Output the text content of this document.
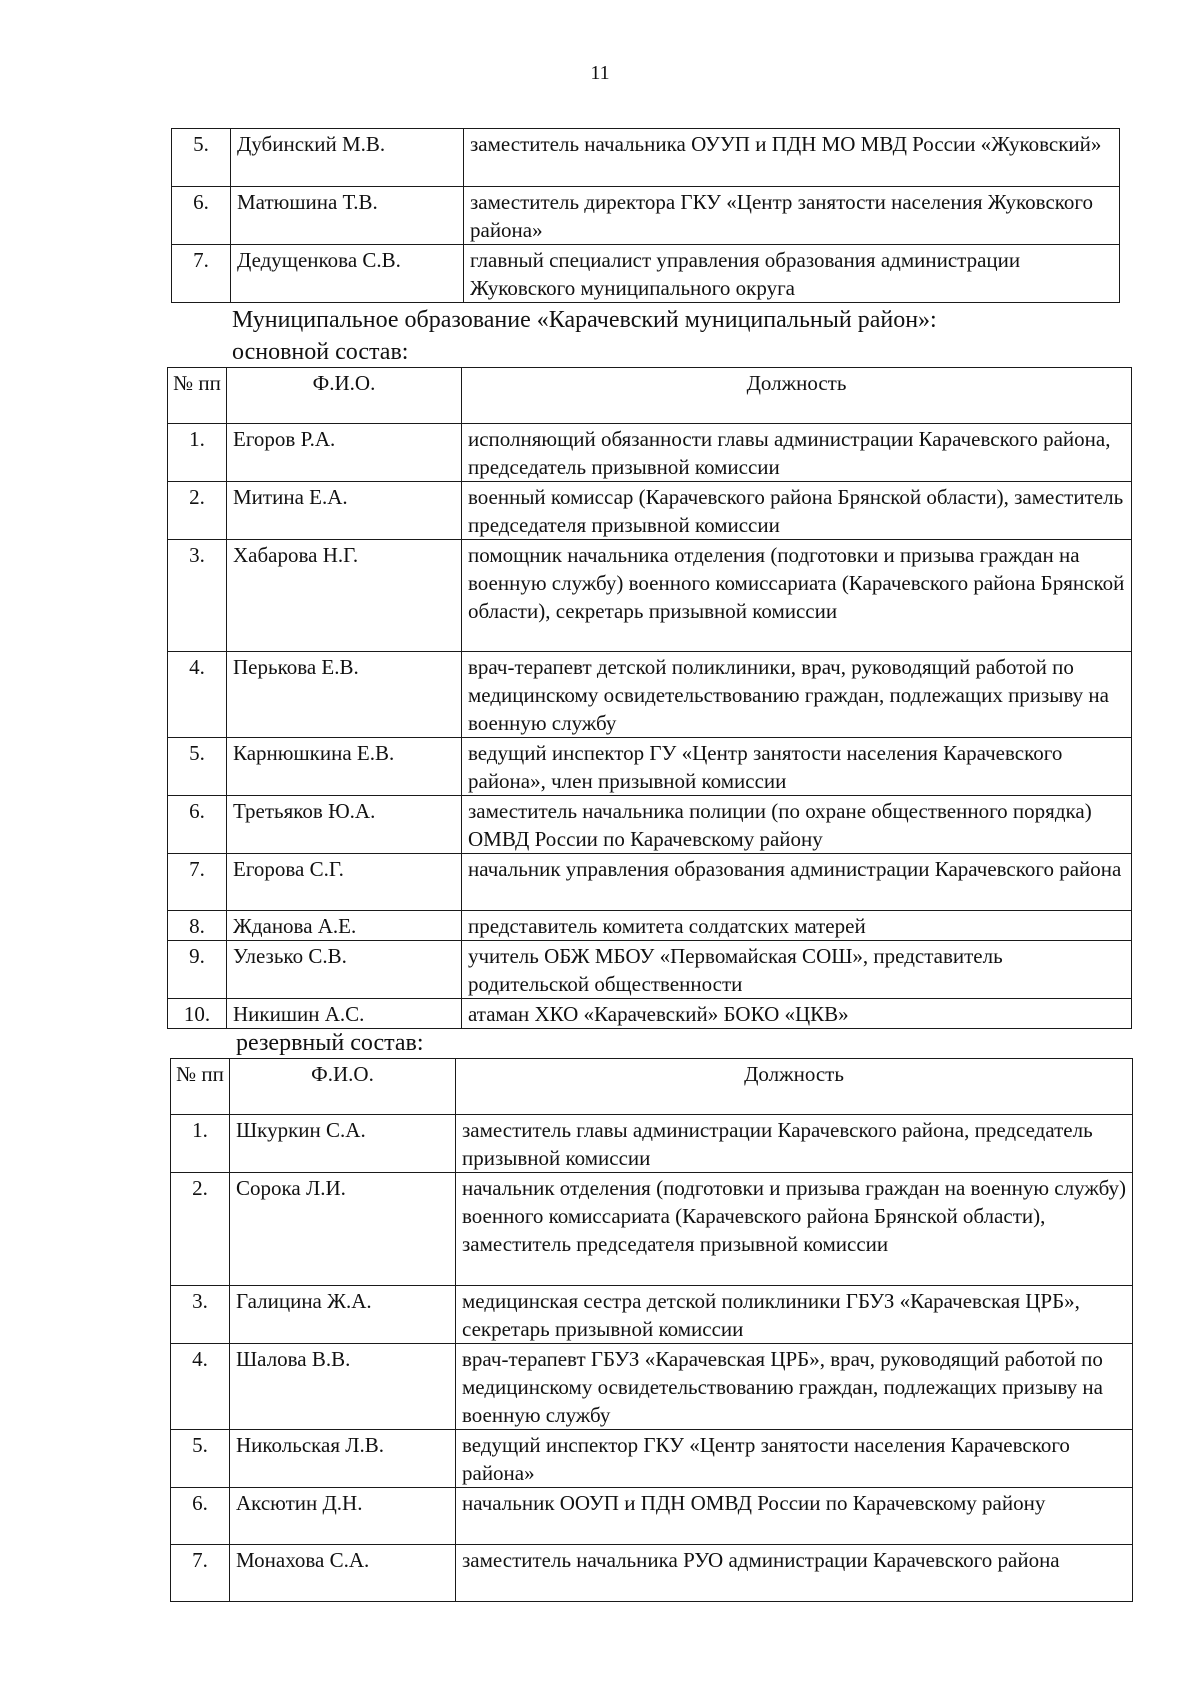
11
5.	Дубинский М.В.	заместитель начальника ОУУП и ПДН МО МВД России «Жуковский»
6.	Матюшина Т.В.	заместитель директора ГКУ «Центр занятости населения Жуковского района»
7.	Дедущенкова С.В.	главный специалист управления образования администрации Жуковского муниципального округа
Муниципальное образование «Карачевский муниципальный район»:
основной состав:
№ пп	Ф.И.О.	Должность
1.	Егоров Р.А.	исполняющий обязанности главы администрации Карачевского района, председатель призывной комиссии
2.	Митина Е.А.	военный комиссар (Карачевского района Брянской области), заместитель председателя призывной комиссии
3.	Хабарова Н.Г.	помощник начальника отделения (подготовки и призыва граждан на военную службу) военного комиссариата (Карачевского района Брянской области), секретарь призывной комиссии
4.	Перькова Е.В.	врач-терапевт детской поликлиники, врач, руководящий работой по медицинскому освидетельствованию граждан, подлежащих призыву на военную службу
5.	Карнюшкина Е.В.	ведущий инспектор ГУ «Центр занятости населения Карачевского района», член призывной комиссии
6.	Третьяков Ю.А.	заместитель начальника полиции (по охране общественного порядка) ОМВД России по Карачевскому району
7.	Егорова С.Г.	начальник управления образования администрации Карачевского района
8.	Жданова А.Е.	представитель комитета солдатских матерей
9.	Улезько С.В.	учитель ОБЖ МБОУ «Первомайская СОШ», представитель родительской общественности
10.	Никишин А.С.	атаман ХКО «Карачевский» БОКО «ЦКВ»
резервный состав:
№ пп	Ф.И.О.	Должность
1.	Шкуркин С.А.	заместитель главы администрации Карачевского района, председатель призывной комиссии
2.	Сорока Л.И.	начальник отделения (подготовки и призыва граждан на военную службу) военного комиссариата (Карачевского района Брянской области), заместитель председателя призывной комиссии
3.	Галицина Ж.А.	медицинская сестра детской поликлиники ГБУЗ «Карачевская ЦРБ», секретарь призывной комиссии
4.	Шалова В.В.	врач-терапевт ГБУЗ «Карачевская ЦРБ», врач, руководящий работой по медицинскому освидетельствованию граждан, подлежащих призыву на военную службу
5.	Никольская Л.В.	ведущий инспектор ГКУ «Центр занятости населения Карачевского района»
6.	Аксютин Д.Н.	начальник ООУП и ПДН ОМВД России по Карачевскому району
7.	Монахова С.А.	заместитель начальника РУО администрации Карачевского района
